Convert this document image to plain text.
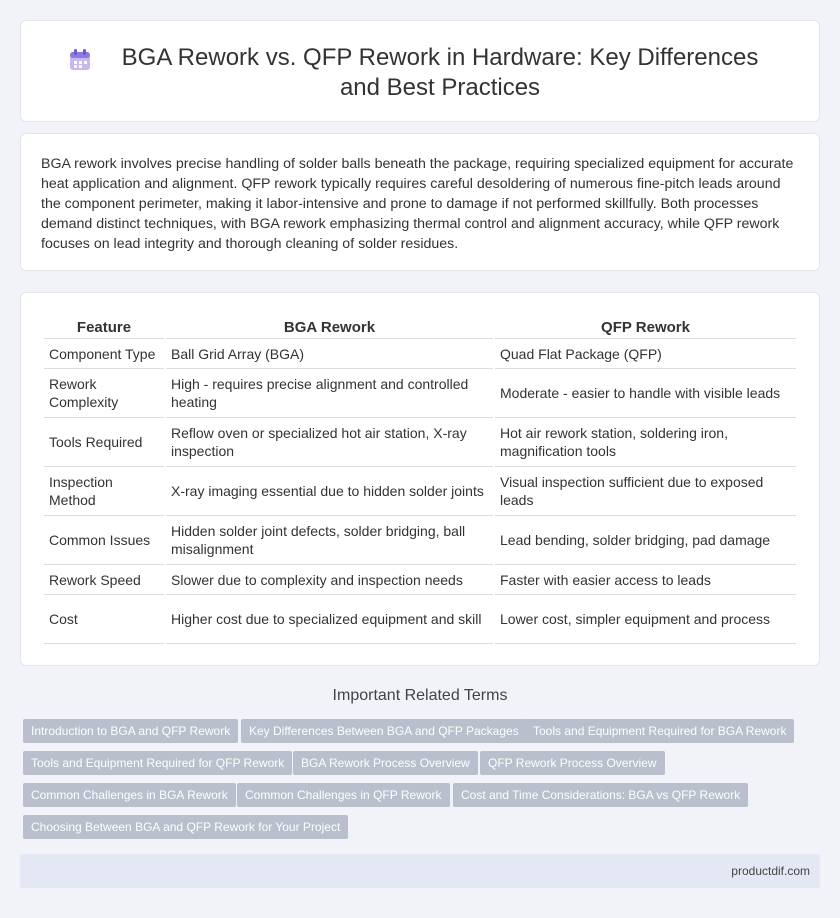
BGA Rework vs. QFP Rework in Hardware: Key Differences and Best Practices

BGA rework involves precise handling of solder balls beneath the package, requiring specialized equipment for accurate heat application and alignment. QFP rework typically requires careful desoldering of numerous fine-pitch leads around the component perimeter, making it labor-intensive and prone to damage if not performed skillfully. Both processes demand distinct techniques, with BGA rework emphasizing thermal control and alignment accuracy, while QFP rework focuses on lead integrity and thorough cleaning of solder residues.

Feature	BGA Rework	QFP Rework
Component Type	Ball Grid Array (BGA)	Quad Flat Package (QFP)
Rework Complexity	High - requires precise alignment and controlled heating	Moderate - easier to handle with visible leads
Tools Required	Reflow oven or specialized hot air station, X-ray inspection	Hot air rework station, soldering iron, magnification tools
Inspection Method	X-ray imaging essential due to hidden solder joints	Visual inspection sufficient due to exposed leads
Common Issues	Hidden solder joint defects, solder bridging, ball misalignment	Lead bending, solder bridging, pad damage
Rework Speed	Slower due to complexity and inspection needs	Faster with easier access to leads
Cost	Higher cost due to specialized equipment and skill	Lower cost, simpler equipment and process
Important Related Terms
Introduction to BGA and QFP Rework	Key Differences Between BGA and QFP Packages	Tools and Equipment Required for BGA Rework
Tools and Equipment Required for QFP Rework	BGA Rework Process Overview	QFP Rework Process Overview
Common Challenges in BGA Rework	Common Challenges in QFP Rework	Cost and Time Considerations: BGA vs QFP Rework
Choosing Between BGA and QFP Rework for Your Project
productdif.com
